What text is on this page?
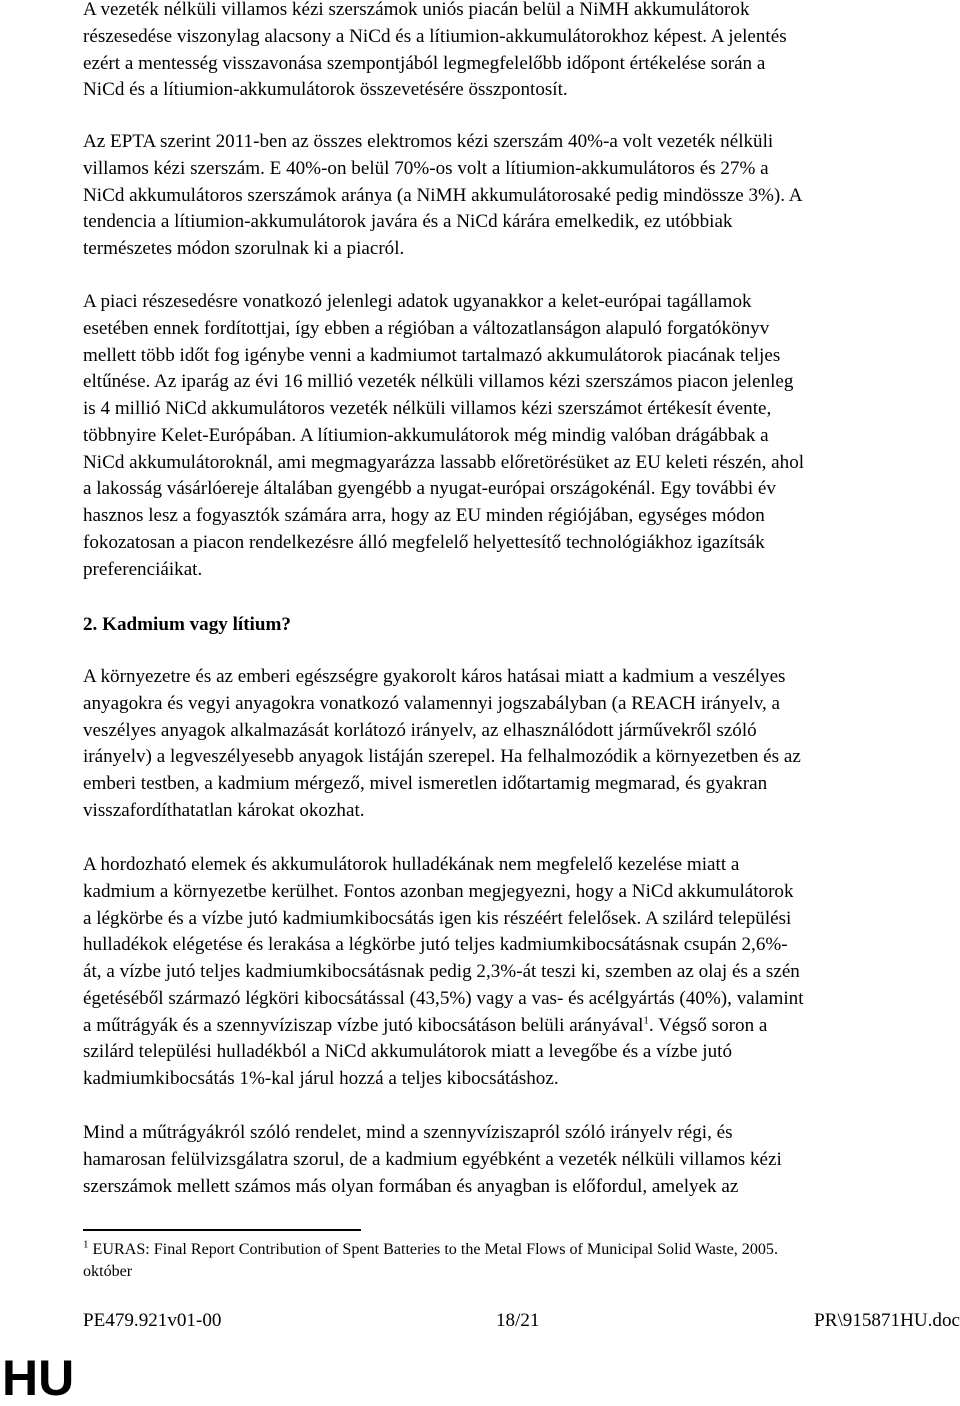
A vezeték nélküli villamos kézi szerszámok uniós piacán belül a NiMH akkumulátorok
részesedése viszonylag alacsony a NiCd és a lítiumion-akkumulátorokhoz képest. A jelentés
ezért a mentesség visszavonása szempontjából legmegfelelőbb időpont értékelése során a
NiCd és a lítiumion-akkumulátorok összevetésére összpontosít.
Az EPTA szerint 2011-ben az összes elektromos kézi szerszám 40%-a volt vezeték nélküli
villamos kézi szerszám. E 40%-on belül 70%-os volt a lítiumion-akkumulátoros és 27% a
NiCd akkumulátoros szerszámok aránya (a NiMH akkumulátorosaké pedig mindössze 3%). A
tendencia a lítiumion-akkumulátorok javára és a NiCd kárára emelkedik, ez utóbbiak
természetes módon szorulnak ki a piacról.
A piaci részesedésre vonatkozó jelenlegi adatok ugyanakkor a kelet-európai tagállamok
esetében ennek fordítottjai, így ebben a régióban a változatlanságon alapuló forgatókönyv
mellett több időt fog igénybe venni a kadmiumot tartalmazó akkumulátorok piacának teljes
eltűnése. Az iparág az évi 16 millió vezeték nélküli villamos kézi szerszámos piacon jelenleg
is 4 millió NiCd akkumulátoros vezeték nélküli villamos kézi szerszámot értékesít évente,
többnyire Kelet-Európában. A lítiumion-akkumulátorok még mindig valóban drágábbak a
NiCd akkumulátoroknál, ami megmagyarázza lassabb előretörésüket az EU keleti részén, ahol
a lakosság vásárlóereje általában gyengébb a nyugat-európai országokénál. Egy további év
hasznos lesz a fogyasztók számára arra, hogy az EU minden régiójában, egységes módon
fokozatosan a piacon rendelkezésre álló megfelelő helyettesítő technológiákhoz igazítsák
preferenciáikat.
2. Kadmium vagy lítium?
A környezetre és az emberi egészségre gyakorolt káros hatásai miatt a kadmium a veszélyes
anyagokra és vegyi anyagokra vonatkozó valamennyi jogszabályban (a REACH irányelv, a
veszélyes anyagok alkalmazását korlátozó irányelv, az elhasználódott járművekről szóló
irányelv) a legveszélyesebb anyagok listáján szerepel. Ha felhalmozódik a környezetben és az
emberi testben, a kadmium mérgező, mivel ismeretlen időtartamig megmarad, és gyakran
visszafordíthatatlan károkat okozhat.
A hordozható elemek és akkumulátorok hulladékának nem megfelelő kezelése miatt a
kadmium a környezetbe kerülhet. Fontos azonban megjegyezni, hogy a NiCd akkumulátorok
a légkörbe és a vízbe jutó kadmiumkibocsátás igen kis részéért felelősek. A szilárd települési
hulladékok elégetése és lerakása a légkörbe jutó teljes kadmiumkibocsátásnak csupán 2,6%-
át, a vízbe jutó teljes kadmiumkibocsátásnak pedig 2,3%-át teszi ki, szemben az olaj és a szén
égetéséből származó légköri kibocsátással (43,5%) vagy a vas- és acélgyártás (40%), valamint
a műtrágyák és a szennyvíziszap vízbe jutó kibocsátáson belüli arányával$^1$. Végső soron a
szilárd települési hulladékból a NiCd akkumulátorok miatt a levegőbe és a vízbe jutó
kadmiumkibocsátás 1%-kal járul hozzá a teljes kibocsátáshoz.
Mind a műtrágyákról szóló rendelet, mind a szennyvíziszapról szóló irányelv régi, és
hamarosan felülvizsgálatra szorul, de a kadmium egyébként a vezeték nélküli villamos kézi
szerszámok mellett számos más olyan formában és anyagban is előfordul, amelyek az
$^1$ EURAS: Final Report Contribution of Spent Batteries to the Metal Flows of Municipal Solid Waste, 2005.
október
PE479.921v01-00	18/21	PR\915871HU.doc
HU
